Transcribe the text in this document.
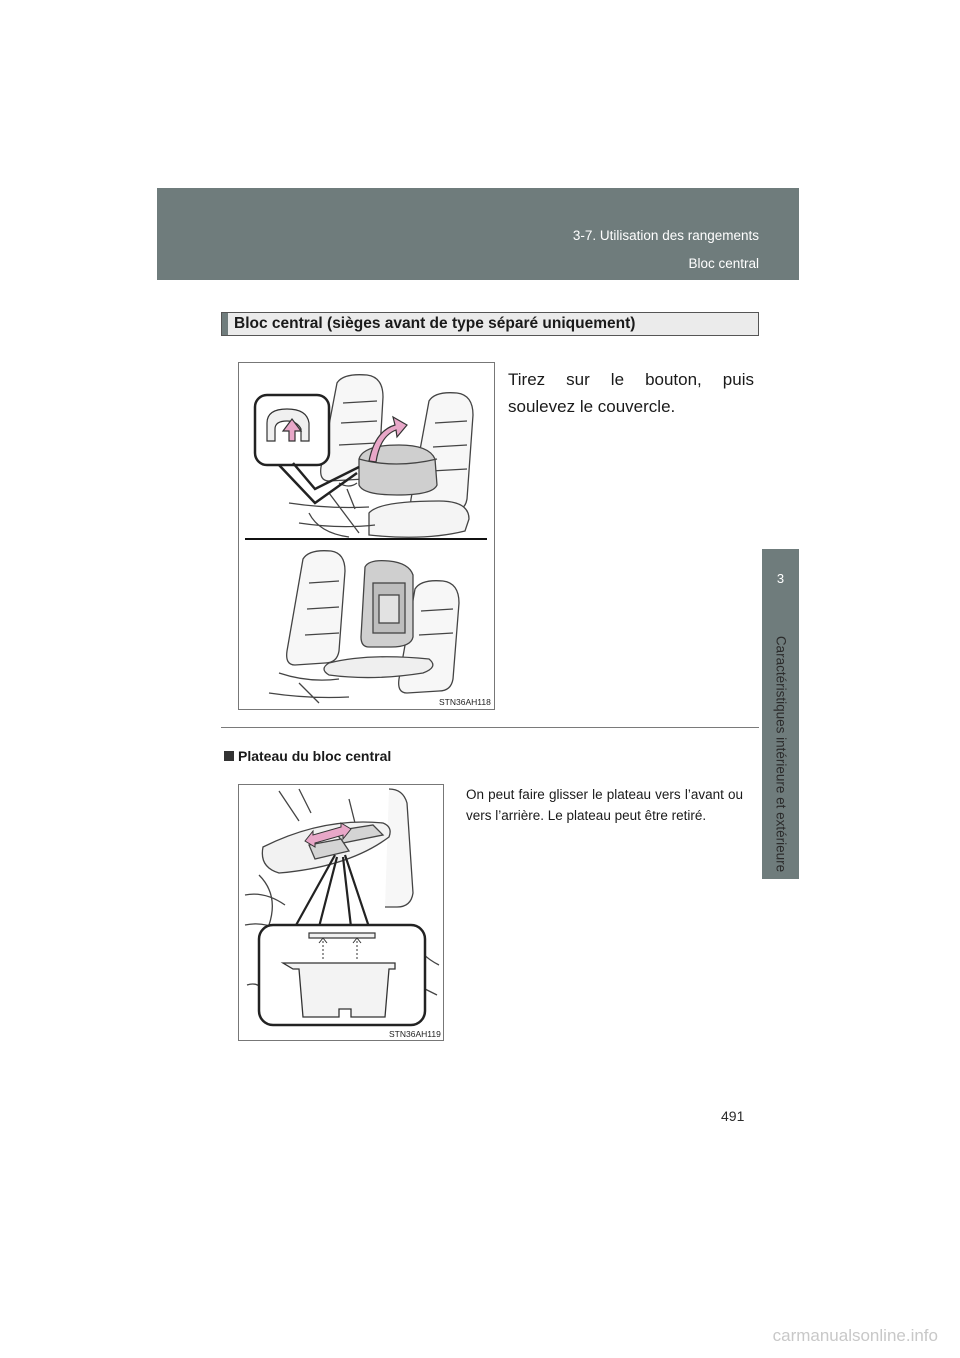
3-7. Utilisation des rangements
Bloc central
3
Caractéristiques intérieure et extérieure
Bloc central (sièges avant de type séparé uniquement)
STN36AH118
Tirez sur le bouton, puis soulevez le couvercle.
Plateau du bloc central
On peut faire glisser le plateau vers l’avant ou vers l’arrière. Le plateau peut être retiré.
STN36AH119
491
carmanualsonline.info
